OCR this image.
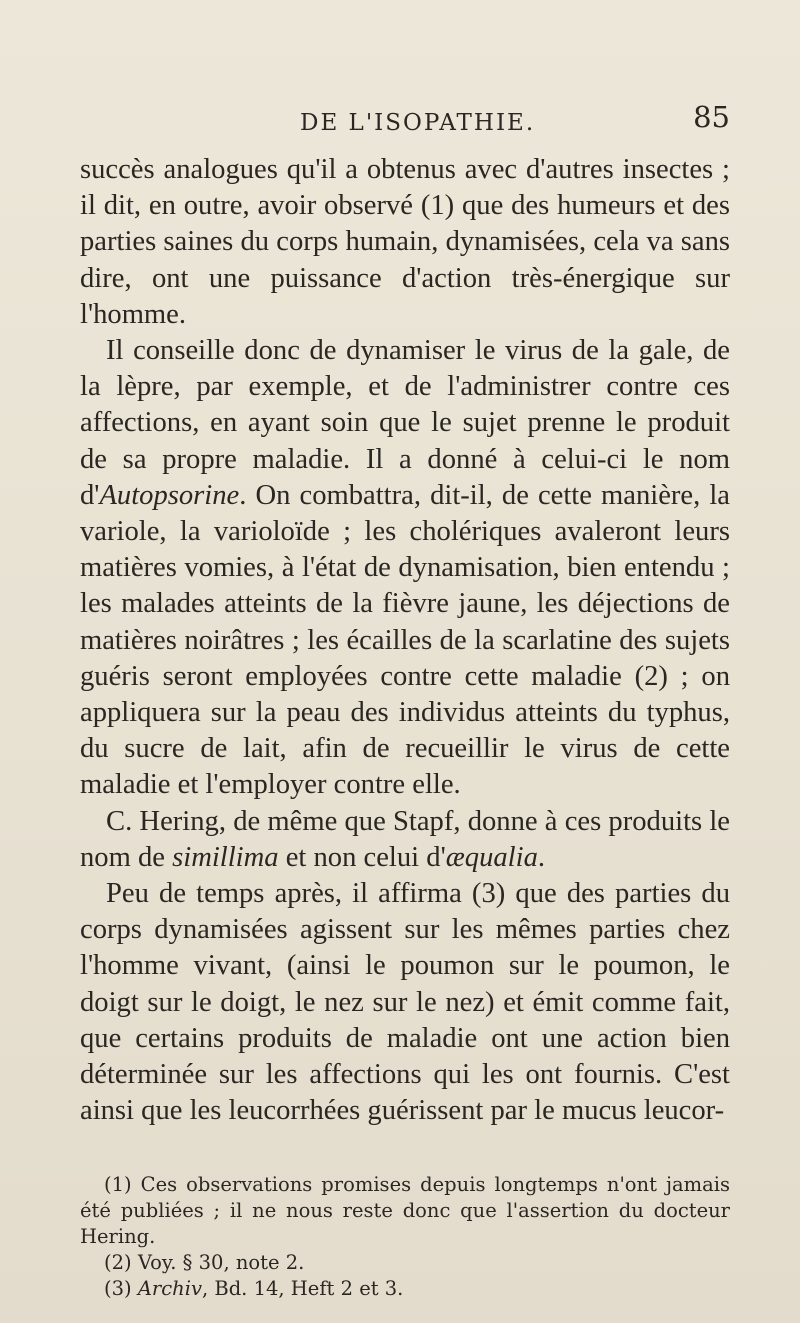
DE L'ISOPATHIE.	85

succès analogues qu'il a obtenus avec d'autres insectes ; il dit, en outre, avoir observé (1) que des humeurs et des parties saines du corps humain, dynamisées, cela va sans dire, ont une puissance d'action très-énergique sur l'homme.

Il conseille donc de dynamiser le virus de la gale, de la lèpre, par exemple, et de l'administrer contre ces affections, en ayant soin que le sujet prenne le produit de sa propre maladie. Il a donné à celui-ci le nom d'Autopsorine. On combattra, dit-il, de cette manière, la variole, la varioloïde ; les cholériques avaleront leurs matières vomies, à l'état de dynamisation, bien entendu ; les malades atteints de la fièvre jaune, les déjections de matières noirâtres ; les écailles de la scarlatine des sujets guéris seront employées contre cette maladie (2) ; on appliquera sur la peau des individus atteints du typhus, du sucre de lait, afin de recueillir le virus de cette maladie et l'employer contre elle.

C. Hering, de même que Stapf, donne à ces produits le nom de simillima et non celui d'æqualia.

Peu de temps après, il affirma (3) que des parties du corps dynamisées agissent sur les mêmes parties chez l'homme vivant, (ainsi le poumon sur le poumon, le doigt sur le doigt, le nez sur le nez) et émit comme fait, que certains produits de maladie ont une action bien déterminée sur les affections qui les ont fournis. C'est ainsi que les leucorrhées guérissent par le mucus leucor-

(1) Ces observations promises depuis longtemps n'ont jamais été publiées ; il ne nous reste donc que l'assertion du docteur Hering.

(2) Voy. § 30, note 2.

(3) Archiv, Bd. 14, Heft 2 et 3.
